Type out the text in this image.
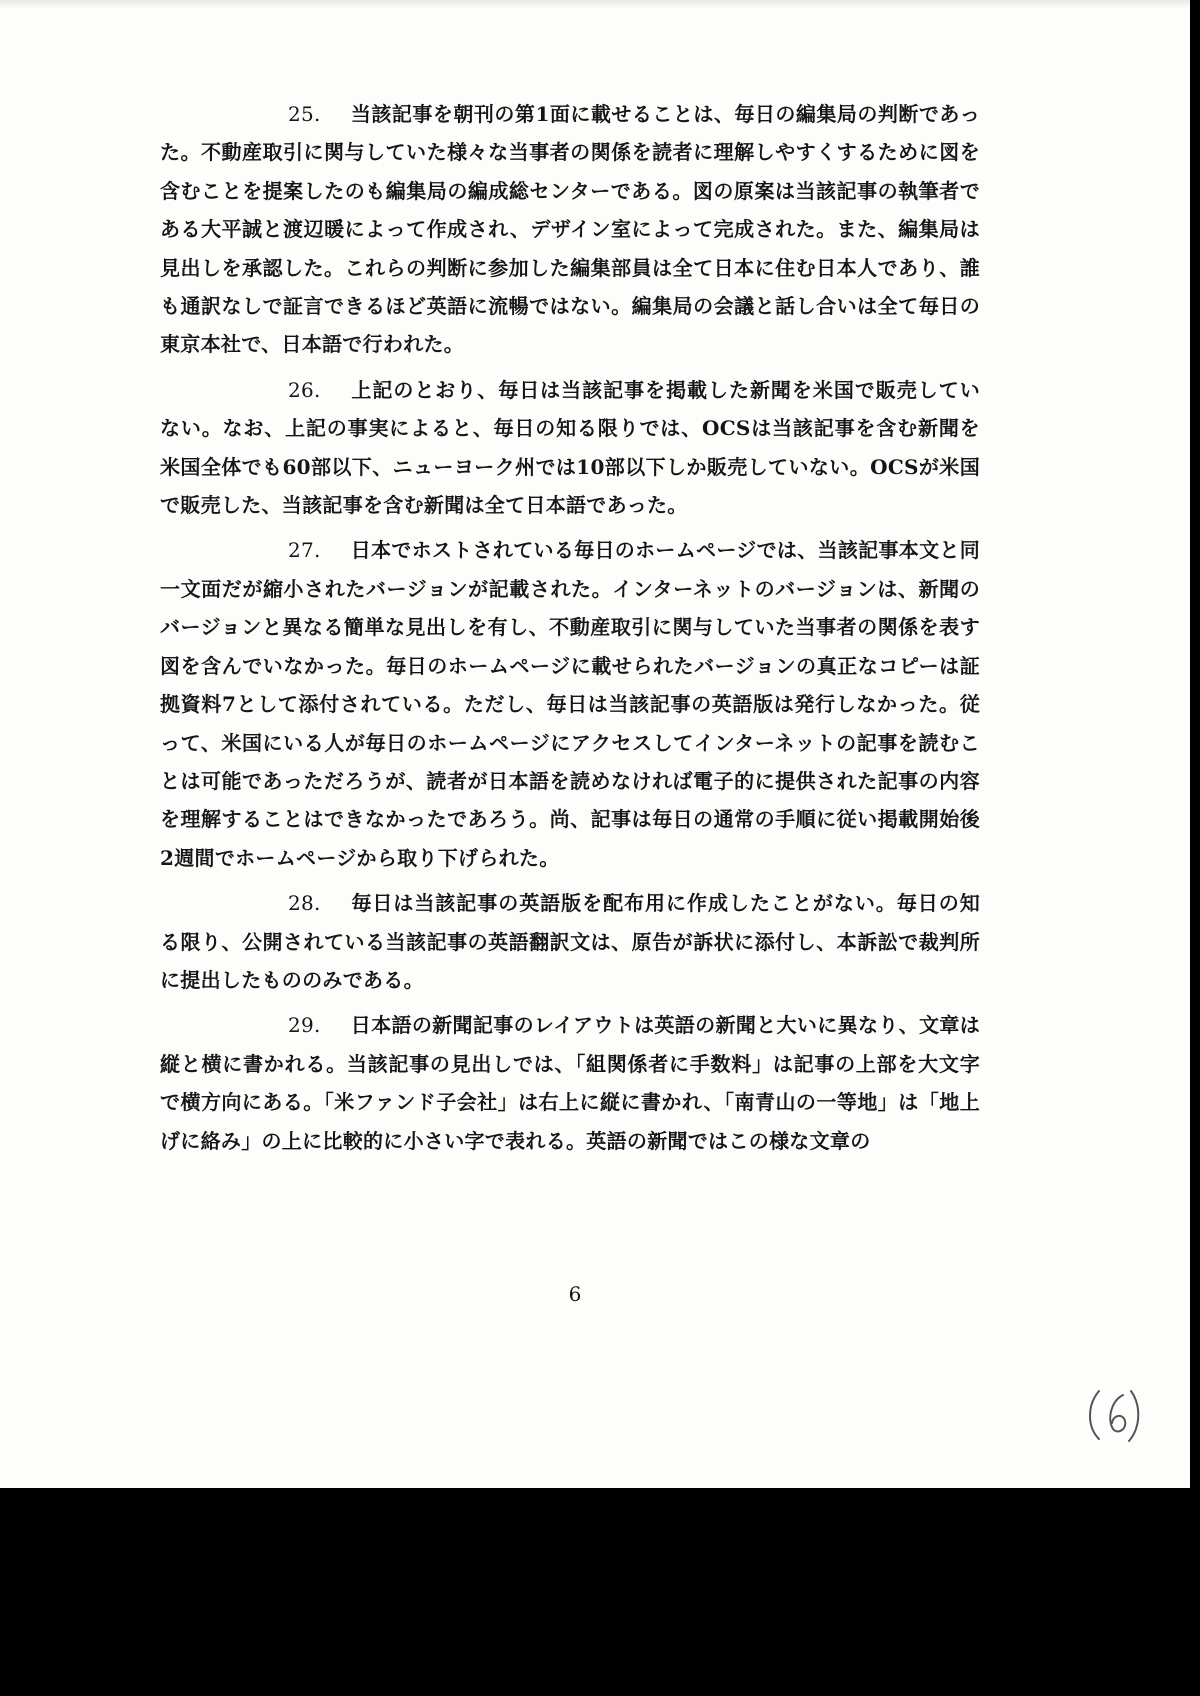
25. 当該記事を朝刊の第1面に載せることは、毎日の編集局の判断であった。不動産取引に関与していた様々な当事者の関係を読者に理解しやすくするために図を含むことを提案したのも編集局の編成総センターである。図の原案は当該記事の執筆者である大平誠と渡辺暖によって作成され、デザイン室によって完成された。また、編集局は見出しを承認した。これらの判断に参加した編集部員は全て日本に住む日本人であり、誰も通訳なしで証言できるほど英語に流暢ではない。編集局の会議と話し合いは全て毎日の東京本社で、日本語で行われた。

26. 上記のとおり、毎日は当該記事を掲載した新聞を米国で販売していない。なお、上記の事実によると、毎日の知る限りでは、OCSは当該記事を含む新聞を米国全体でも60部以下、ニューヨーク州では10部以下しか販売していない。OCSが米国で販売した、当該記事を含む新聞は全て日本語であった。

27. 日本でホストされている毎日のホームページでは、当該記事本文と同一文面だが縮小されたバージョンが記載された。インターネットのバージョンは、新聞のバージョンと異なる簡単な見出しを有し、不動産取引に関与していた当事者の関係を表す図を含んでいなかった。毎日のホームページに載せられたバージョンの真正なコピーは証拠資料7として添付されている。ただし、毎日は当該記事の英語版は発行しなかった。従って、米国にいる人が毎日のホームページにアクセスしてインターネットの記事を読むことは可能であっただろうが、読者が日本語を読めなければ電子的に提供された記事の内容を理解することはできなかったであろう。尚、記事は毎日の通常の手順に従い掲載開始後2週間でホームページから取り下げられた。

28. 毎日は当該記事の英語版を配布用に作成したことがない。毎日の知る限り、公開されている当該記事の英語翻訳文は、原告が訴状に添付し、本訴訟で裁判所に提出したもののみである。

29. 日本語の新聞記事のレイアウトは英語の新聞と大いに異なり、文章は縦と横に書かれる。当該記事の見出しでは、「組関係者に手数料」は記事の上部を大文字で横方向にある。「米ファンド子会社」は右上に縦に書かれ、「南青山の一等地」は「地上げに絡み」の上に比較的に小さい字で表れる。英語の新聞ではこの様な文章の

6
